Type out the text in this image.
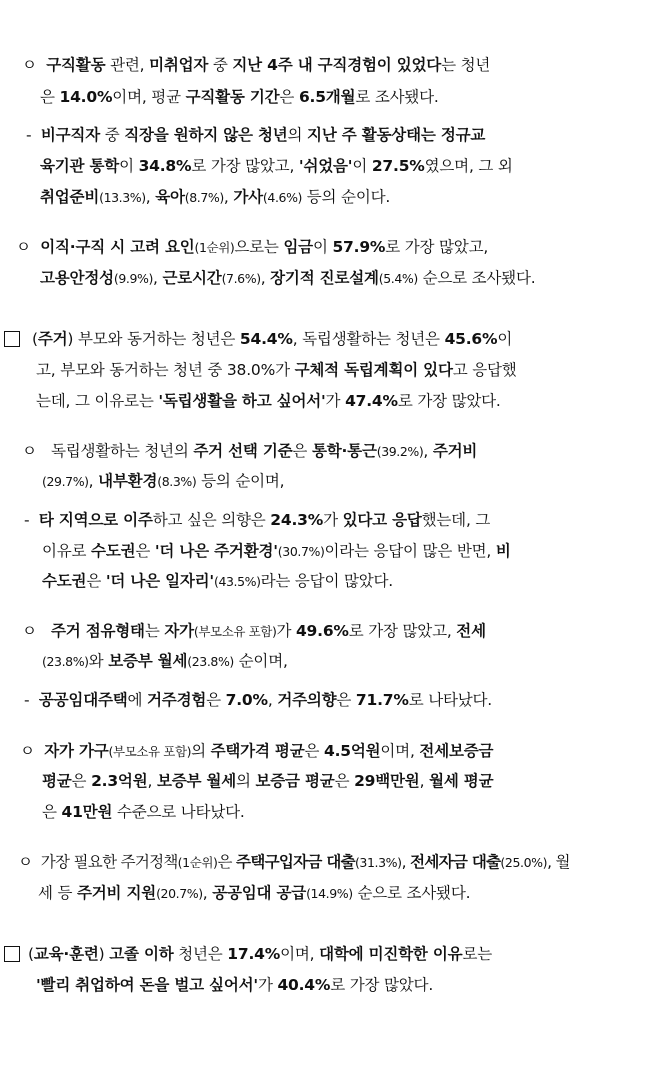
ㅇ 구직활동 관련, 미취업자 중 지난 4주 내 구직경험이 있었다는 청년
은 14.0%이며, 평균 구직활동 기간은 6.5개월로 조사됐다.
- 비구직자 중 직장을 원하지 않은 청년의 지난 주 활동상태는 정규교
육기관 통학이 34.8%로 가장 많았고, '쉬었음'이 27.5%였으며, 그 외
취업준비(13.3%), 육아(8.7%), 가사(4.6%) 등의 순이다.
ㅇ 이직·구직 시 고려 요인(1순위)으로는 임금이 57.9%로 가장 많았고,
고용안정성(9.9%), 근로시간(7.6%), 장기적 진로설계(5.4%) 순으로 조사됐다.
(주거) 부모와 동거하는 청년은 54.4%, 독립생활하는 청년은 45.6%이
고, 부모와 동거하는 청년 중 38.0%가 구체적 독립계획이 있다고 응답했
는데, 그 이유로는 '독립생활을 하고 싶어서'가 47.4%로 가장 많았다.
ㅇ 독립생활하는 청년의 주거 선택 기준은 통학·통근(39.2%), 주거비
(29.7%), 내부환경(8.3%) 등의 순이며,
- 타 지역으로 이주하고 싶은 의향은 24.3%가 있다고 응답했는데, 그
이유로 수도권은 '더 나은 주거환경'(30.7%)이라는 응답이 많은 반면, 비
수도권은 '더 나은 일자리'(43.5%)라는 응답이 많았다.
ㅇ 주거 점유형태는 자가(부모소유 포함)가 49.6%로 가장 많았고, 전세
(23.8%)와 보증부 월세(23.8%) 순이며,
- 공공임대주택에 거주경험은 7.0%, 거주의향은 71.7%로 나타났다.
ㅇ 자가 가구(부모소유 포함)의 주택가격 평균은 4.5억원이며, 전세보증금
평균은 2.3억원, 보증부 월세의 보증금 평균은 29백만원, 월세 평균
은 41만원 수준으로 나타났다.
ㅇ 가장 필요한 주거정책(1순위)은 주택구입자금 대출(31.3%), 전세자금 대출(25.0%), 월
세 등 주거비 지원(20.7%), 공공임대 공급(14.9%) 순으로 조사됐다.
(교육·훈련) 고졸 이하 청년은 17.4%이며, 대학에 미진학한 이유로는
'빨리 취업하여 돈을 벌고 싶어서'가 40.4%로 가장 많았다.
